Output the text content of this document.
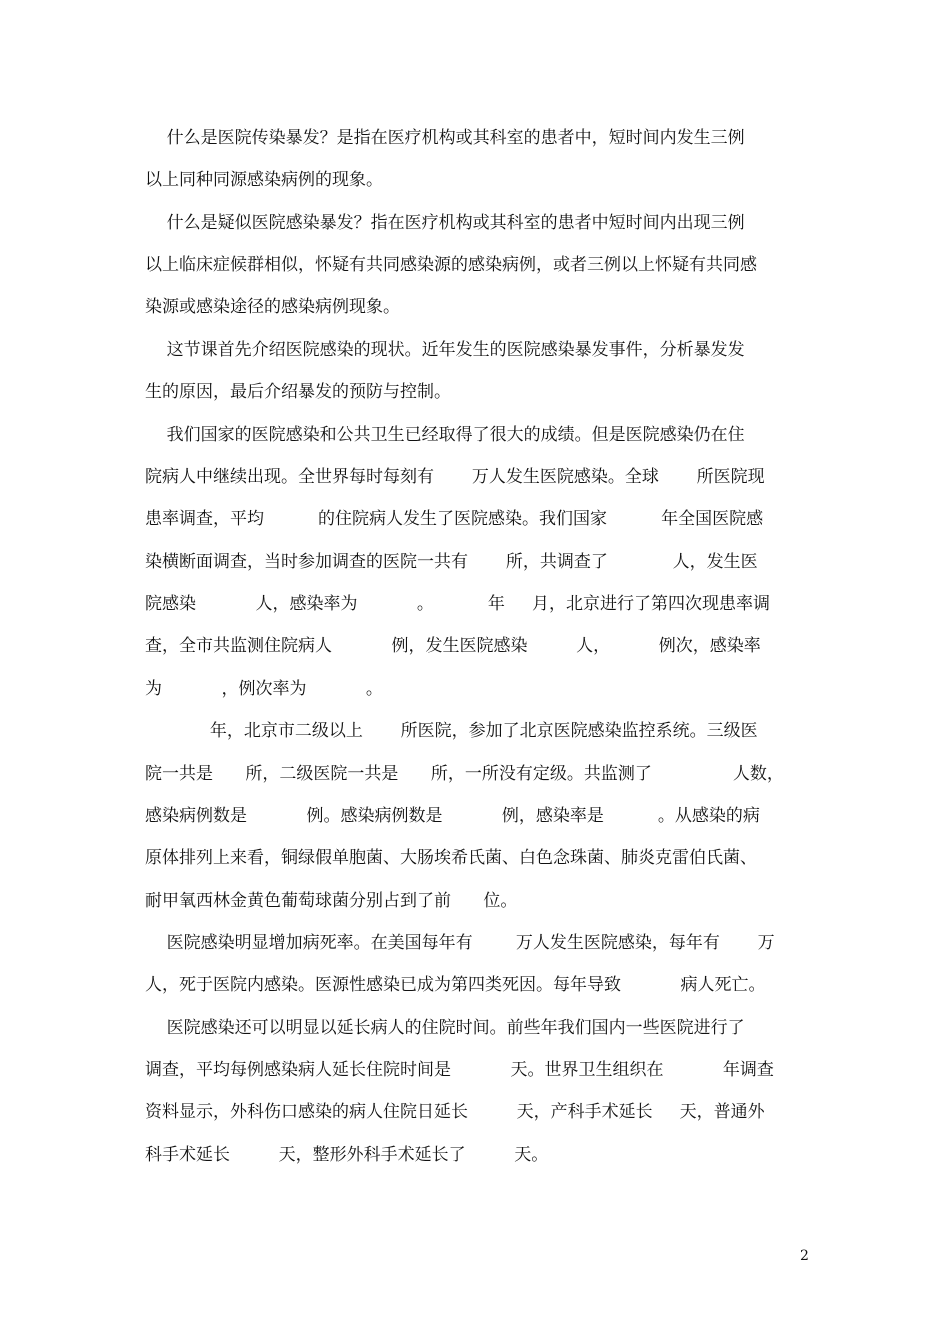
什么是医院传染暴发？是指在医疗机构或其科室的患者中，短时间内发生三例
以上同种同源感染病例的现象。
什么是疑似医院感染暴发？指在医疗机构或其科室的患者中短时间内出现三例
以上临床症候群相似，怀疑有共同感染源的感染病例，或者三例以上怀疑有共同感
染源或感染途径的感染病例现象。
这节课首先介绍医院感染的现状。近年发生的医院感染暴发事件，分析暴发发
生的原因，最后介绍暴发的预防与控制。
我们国家的医院感染和公共卫生已经取得了很大的成绩。但是医院感染仍在住
院病人中继续出现。全世界每时每刻有       万人发生医院感染。全球       所医院现
患率调查，平均          的住院病人发生了医院感染。我们国家          年全国医院感
染横断面调查，当时参加调查的医院一共有       所，共调查了            人，发生医
院感染           人，感染率为           。          年     月，北京进行了第四次现患率调
查，全市共监测住院病人           例，发生医院感染         人，         例次，感染率
为           ，例次率为           。
年，北京市二级以上       所医院，参加了北京医院感染监控系统。三级医
院一共是      所，二级医院一共是      所，一所没有定级。共监测了               人数，
感染病例数是           例。感染病例数是           例，感染率是          。从感染的病
原体排列上来看，铜绿假单胞菌、大肠埃希氏菌、白色念珠菌、肺炎克雷伯氏菌、
耐甲氧西林金黄色葡萄球菌分别占到了前      位。
医院感染明显增加病死率。在美国每年有        万人发生医院感染，每年有       万
人，死于医院内感染。医源性感染已成为第四类死因。每年导致           病人死亡。
医院感染还可以明显以延长病人的住院时间。前些年我们国内一些医院进行了
调查，平均每例感染病人延长住院时间是           天。世界卫生组织在           年调查
资料显示，外科伤口感染的病人住院日延长         天，产科手术延长     天，普通外
科手术延长         天，整形外科手术延长了         天。
2
